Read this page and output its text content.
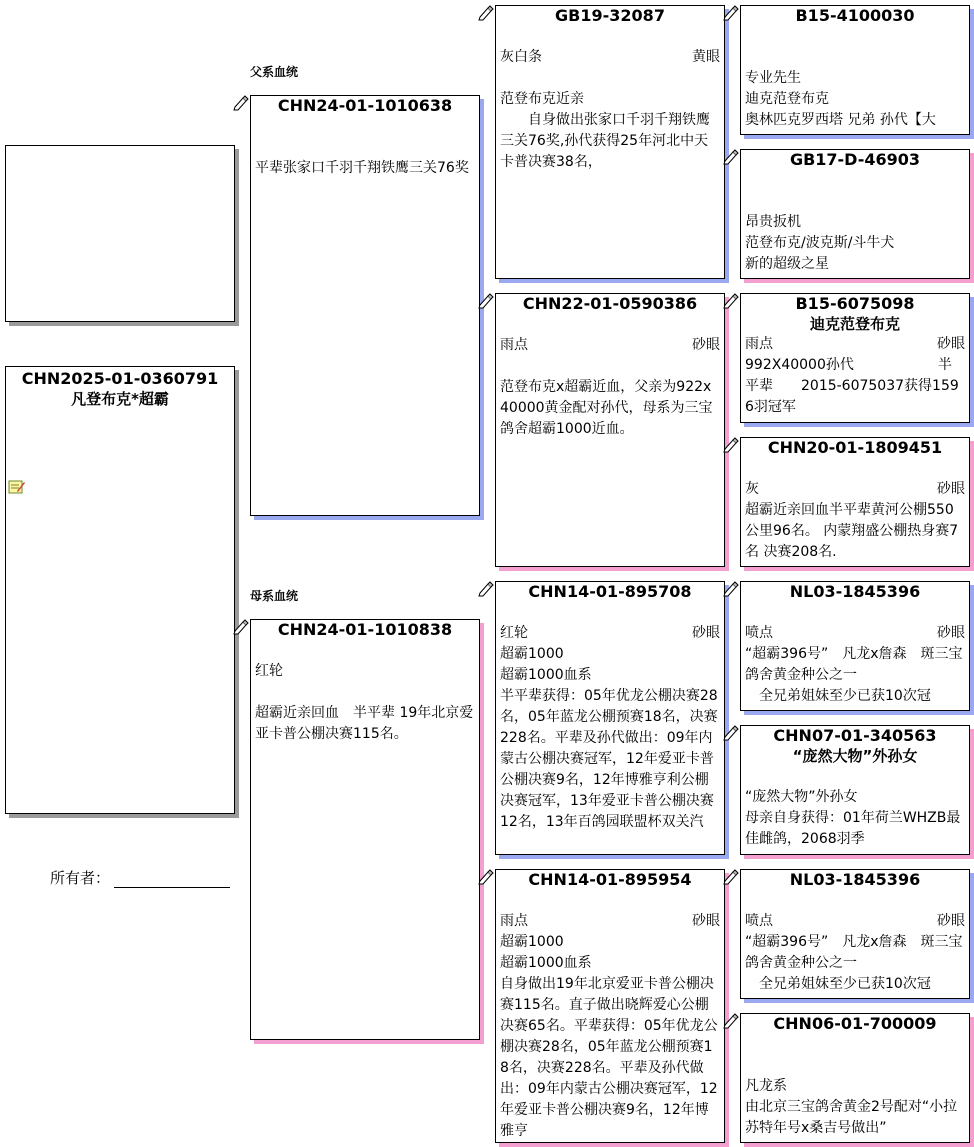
CHN2025-01-0360791
凡登布克*超霸
所有者：
父系血统
母系血统
CHN24-01-1010638
平辈张家口千羽千翔铁鹰三关76奖
CHN24-01-1010838
红轮
超霸近亲回血　半平辈 19年北京爱亚卡普公棚决赛115名。
GB19-32087
灰白条	黄眼
范登布克近亲
　　自身做出张家口千羽千翔铁鹰三关76奖,孙代获得25年河北中天卡普决赛38名，
CHN22-01-0590386
雨点	砂眼
范登布克x超霸近血，父亲为922x40000黄金配对孙代，母系为三宝鸽舍超霸1000近血。
CHN14-01-895708
红轮	砂眼
超霸1000
超霸1000血系
半平辈获得：05年优龙公棚决赛28名，05年蓝龙公棚预赛18名，决赛228名。平辈及孙代做出：09年内蒙古公棚决赛冠军，12年爱亚卡普公棚决赛9名，12年博雅亨利公棚决赛冠军，13年爱亚卡普公棚决赛12名，13年百鸽园联盟杯双关汽
CHN14-01-895954
雨点	砂眼
超霸1000
超霸1000血系
自身做出19年北京爱亚卡普公棚决赛115名。直子做出晓辉爱心公棚决赛65名。平辈获得：05年优龙公棚决赛28名，05年蓝龙公棚预赛18名，决赛228名。平辈及孙代做出：09年内蒙古公棚决赛冠军，12年爱亚卡普公棚决赛9名，12年博雅亨
B15-4100030
专业先生
迪克范登布克
奥林匹克罗西塔 兄弟 孙代【大
GB17-D-46903
昂贵扳机
范登布克/波克斯/斗牛犬
新的超级之星
B15-6075098
迪克范登布克
雨点	砂眼
992X40000孙代　　　　　　半平辈　　2015-6075037获得1596羽冠军
CHN20-01-1809451
灰	砂眼
超霸近亲回血半平辈黄河公棚550公里96名。 内蒙翔盛公棚热身赛7名 决赛208名.
NL03-1845396
喷点	砂眼
“超霸396号”　凡龙x詹森　斑三宝鸽舍黄金种公之一
　全兄弟姐妹至少已获10次冠
CHN07-01-340563
“庞然大物”外孙女
“庞然大物”外孙女
母亲自身获得：01年荷兰WHZB最佳雌鸽，2068羽季
NL03-1845396
喷点	砂眼
“超霸396号”　凡龙x詹森　斑三宝鸽舍黄金种公之一
　全兄弟姐妹至少已获10次冠
CHN06-01-700009
凡龙系
由北京三宝鸽舍黄金2号配对“小拉苏特年号x桑吉号做出”
